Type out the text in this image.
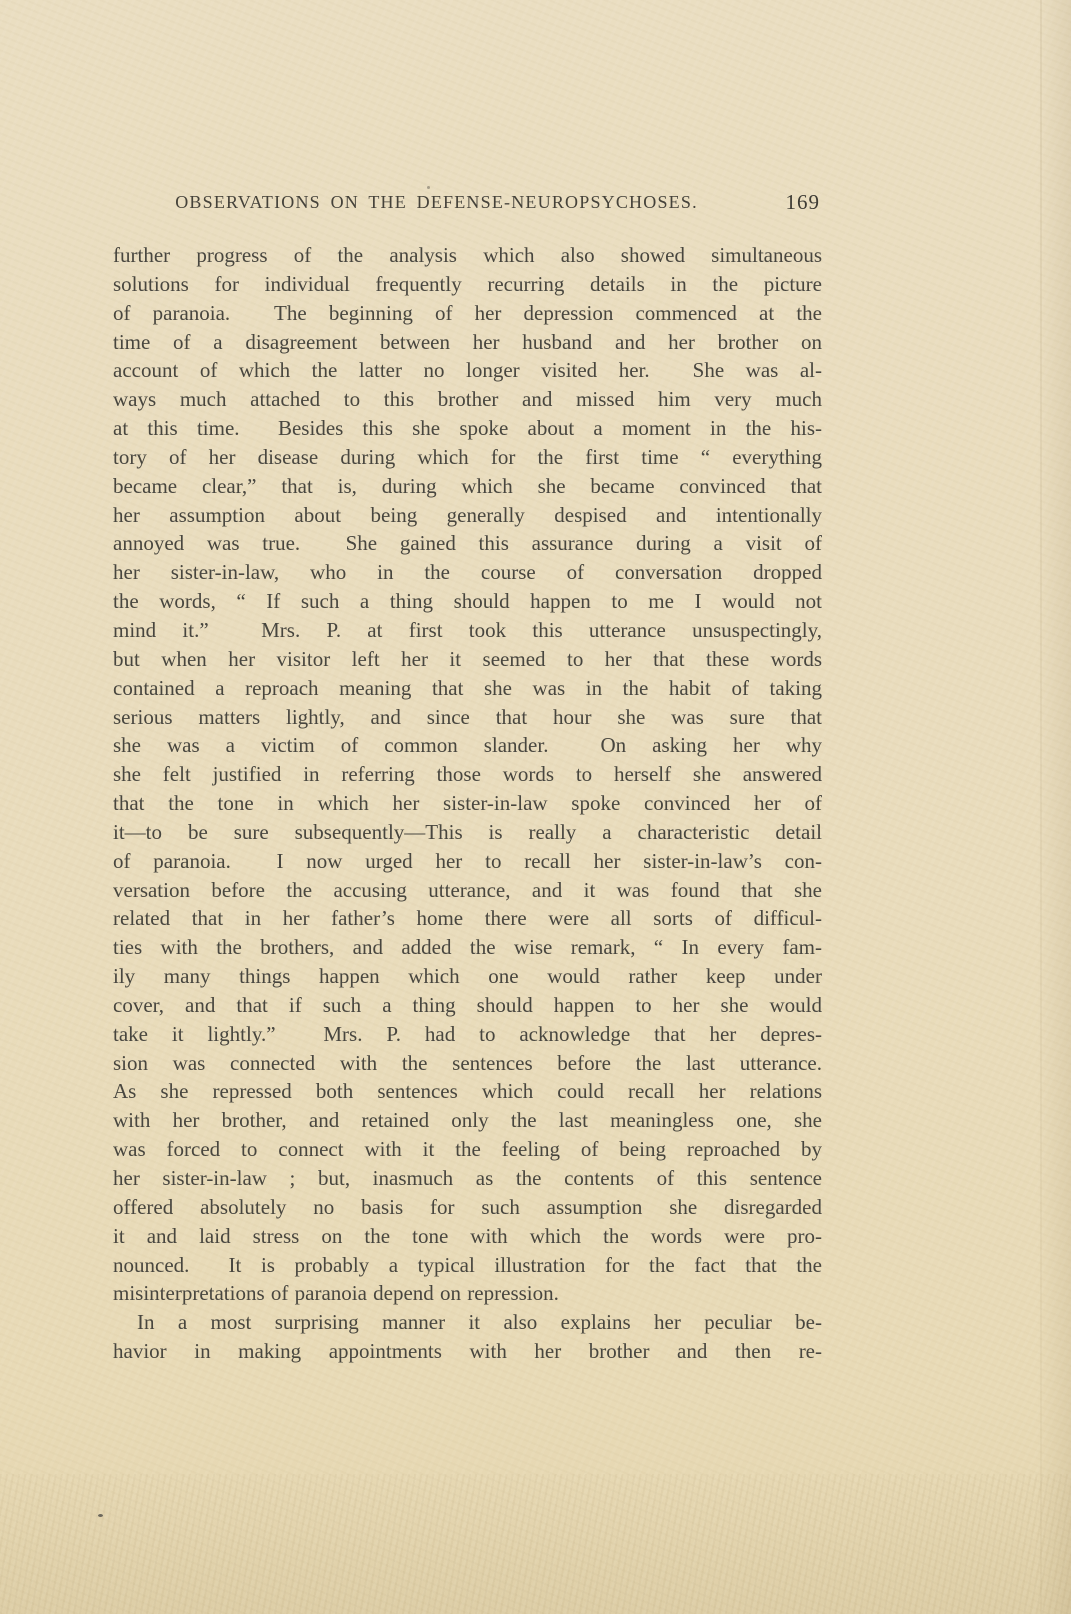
OBSERVATIONS ON THE DEFENSE-NEUROPSYCHOSES.	169
further progress of the analysis which also showed simultaneous
solutions for individual frequently recurring details in the picture
of paranoia.  The beginning of her depression commenced at the
time of a disagreement between her husband and her brother on
account of which the latter no longer visited her.  She was al-
ways much attached to this brother and missed him very much
at this time.  Besides this she spoke about a moment in the his-
tory of her disease during which for the first time “ everything
became clear,” that is, during which she became convinced that
her assumption about being generally despised and intentionally
annoyed was true.  She gained this assurance during a visit of
her sister-in-law, who in the course of conversation dropped
the words, “ If such a thing should happen to me I would not
mind it.”  Mrs. P. at first took this utterance unsuspectingly,
but when her visitor left her it seemed to her that these words
contained a reproach meaning that she was in the habit of taking
serious matters lightly, and since that hour she was sure that
she was a victim of common slander.  On asking her why
she felt justified in referring those words to herself she answered
that the tone in which her sister-in-law spoke convinced her of
it—to be sure subsequently—This is really a characteristic detail
of paranoia.  I now urged her to recall her sister-in-law’s con-
versation before the accusing utterance, and it was found that she
related that in her father’s home there were all sorts of difficul-
ties with the brothers, and added the wise remark, “ In every fam-
ily many things happen which one would rather keep under
cover, and that if such a thing should happen to her she would
take it lightly.”  Mrs. P. had to acknowledge that her depres-
sion was connected with the sentences before the last utterance.
As she repressed both sentences which could recall her relations
with her brother, and retained only the last meaningless one, she
was forced to connect with it the feeling of being reproached by
her sister-in-law ; but, inasmuch as the contents of this sentence
offered absolutely no basis for such assumption she disregarded
it and laid stress on the tone with which the words were pro-
nounced.  It is probably a typical illustration for the fact that the
misinterpretations of paranoia depend on repression.
In a most surprising manner it also explains her peculiar be-
havior in making appointments with her brother and then re-
